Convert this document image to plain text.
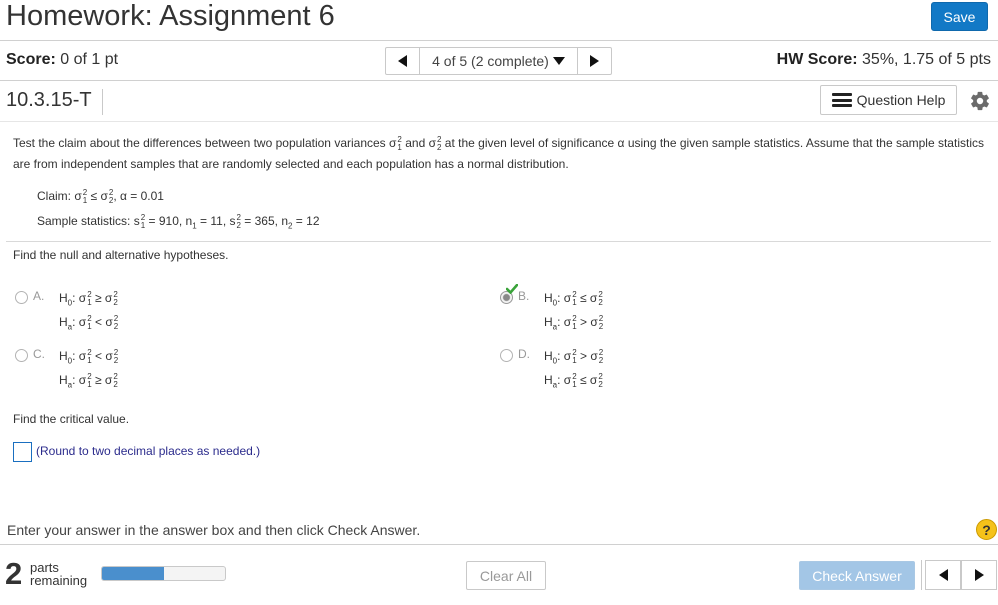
Homework: Assignment 6	Save
Score: 0 of 1 pt	4 of 5 (2 complete)	HW Score: 35%, 1.75 of 5 pts
10.3.15-T	Question Help
Test the claim about the differences between two population variances σ 2
1 and σ 2
2 at the given level of significance α using the given sample statistics. Assume that the sample statistics are from independent samples that are randomly selected and each population has a normal distribution.
Claim: σ 2
1 ≤ σ 2
2 , α = 0.01
Sample statistics: s 2
1 = 910, $n_1 = 11$, s 2
2 = 365, $n_2 = 12$
Find the null and alternative hypotheses.
A. $H_0$: σ 2
1 ≥ σ 2
2
$H_a$: σ 2
1 < σ 2
2
B. $H_0$: σ 2
1 ≤ σ 2
2
$H_a$: σ 2
1 > σ 2
2
C. $H_0$: σ 2
1 < σ 2
2
$H_a$: σ 2
1 ≥ σ 2
2
D. $H_0$: σ 2
1 > σ 2
2
$H_a$: σ 2
1 ≤ σ 2
2
Find the critical value.
(Round to two decimal places as needed.)
Enter your answer in the answer box and then click Check Answer.	?
2 parts
remaining	Clear All	Check Answer
